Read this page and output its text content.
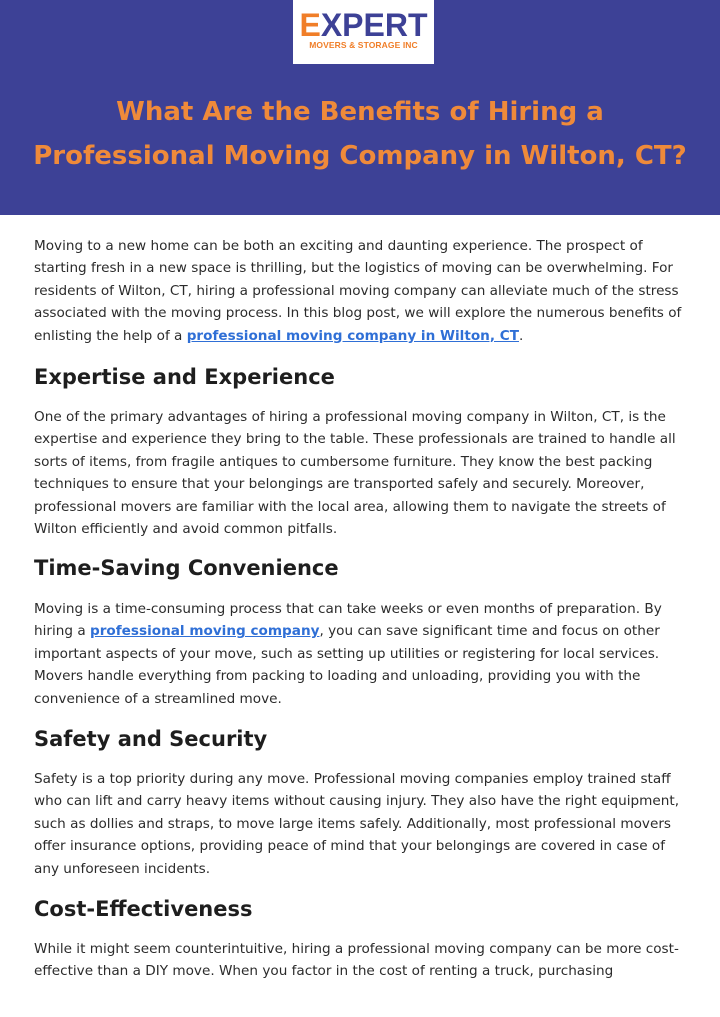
EXPERT
MOVERS & STORAGE INC
What Are the Benefits of Hiring a
Professional Moving Company in Wilton, CT?

Moving to a new home can be both an exciting and daunting experience. The prospect of starting fresh in a new space is thrilling, but the logistics of moving can be overwhelming. For residents of Wilton, CT, hiring a professional moving company can alleviate much of the stress associated with the moving process. In this blog post, we will explore the numerous benefits of enlisting the help of a professional moving company in Wilton, CT.

Expertise and Experience

One of the primary advantages of hiring a professional moving company in Wilton, CT, is the expertise and experience they bring to the table. These professionals are trained to handle all sorts of items, from fragile antiques to cumbersome furniture. They know the best packing techniques to ensure that your belongings are transported safely and securely. Moreover, professional movers are familiar with the local area, allowing them to navigate the streets of Wilton efficiently and avoid common pitfalls.

Time-Saving Convenience

Moving is a time-consuming process that can take weeks or even months of preparation. By hiring a professional moving company, you can save significant time and focus on other important aspects of your move, such as setting up utilities or registering for local services. Movers handle everything from packing to loading and unloading, providing you with the convenience of a streamlined move.

Safety and Security

Safety is a top priority during any move. Professional moving companies employ trained staff who can lift and carry heavy items without causing injury. They also have the right equipment, such as dollies and straps, to move large items safely. Additionally, most professional movers offer insurance options, providing peace of mind that your belongings are covered in case of any unforeseen incidents.

Cost-Effectiveness

While it might seem counterintuitive, hiring a professional moving company can be more cost-effective than a DIY move. When you factor in the cost of renting a truck, purchasing
